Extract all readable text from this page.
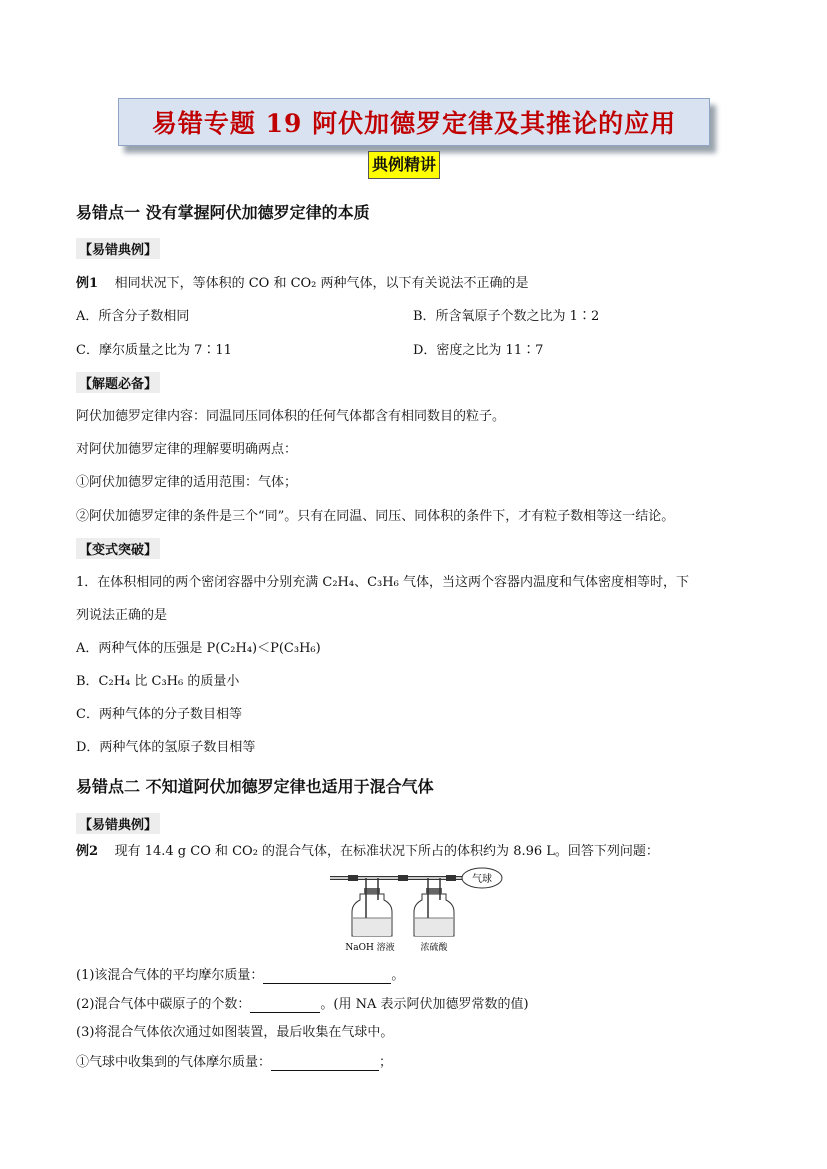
易错专题 19 阿伏加德罗定律及其推论的应用
典例精讲
易错点一 没有掌握阿伏加德罗定律的本质
【易错典例】
例1 相同状况下，等体积的 CO 和 CO₂ 两种气体，以下有关说法不正确的是
A．所含分子数相同	B．所含氧原子个数之比为 1∶2
C．摩尔质量之比为 7∶11	D．密度之比为 11∶7
【解题必备】
阿伏加德罗定律内容：同温同压同体积的任何气体都含有相同数目的粒子。
对阿伏加德罗定律的理解要明确两点：
①阿伏加德罗定律的适用范围：气体；
②阿伏加德罗定律的条件是三个“同”。只有在同温、同压、同体积的条件下，才有粒子数相等这一结论。
【变式突破】
1．在体积相同的两个密闭容器中分别充满 C₂H₄、C₃H₆ 气体，当这两个容器内温度和气体密度相等时，下
列说法正确的是
A．两种气体的压强是 P(C₂H₄)＜P(C₃H₆)
B．C₂H₄ 比 C₃H₆ 的质量小
C．两种气体的分子数目相等
D．两种气体的氢原子数目相等
易错点二 不知道阿伏加德罗定律也适用于混合气体
【易错典例】
例2 现有 14.4 g CO 和 CO₂ 的混合气体，在标准状况下所占的体积约为 8.96 L。回答下列问题：
气球
NaOH 溶液	浓硫酸
(1)该混合气体的平均摩尔质量：	。
(2)混合气体中碳原子的个数：	。(用 NA 表示阿伏加德罗常数的值)
(3)将混合气体依次通过如图装置，最后收集在气球中。
①气球中收集到的气体摩尔质量：	；
